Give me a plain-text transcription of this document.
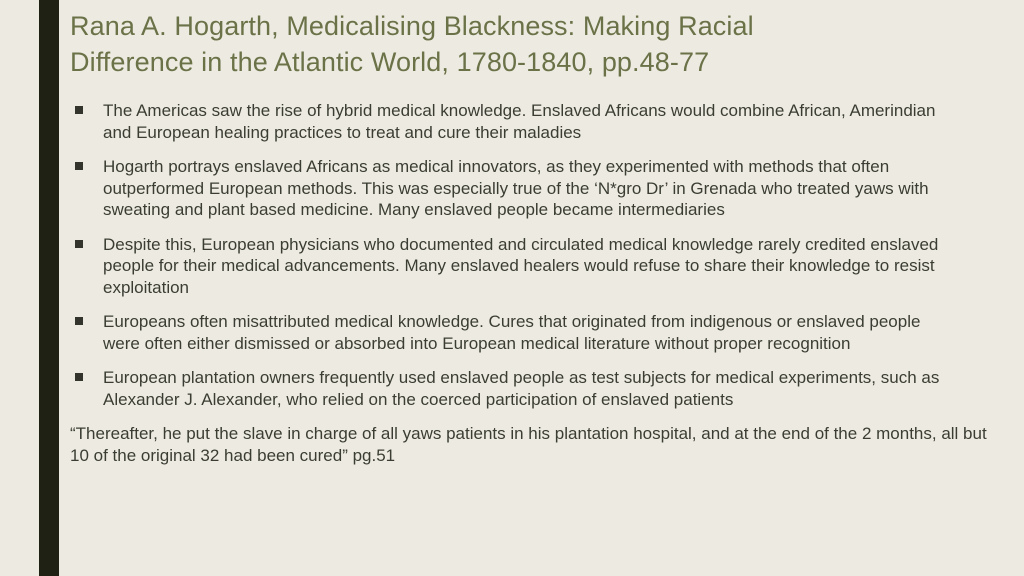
Rana A. Hogarth, Medicalising Blackness: Making Racial Difference in the Atlantic World, 1780-1840, pp.48-77
The Americas saw the rise of hybrid medical knowledge. Enslaved Africans would combine African, Amerindian and European healing practices to treat and cure their maladies
Hogarth portrays enslaved Africans as medical innovators, as they experimented with methods that often outperformed European methods. This was especially true of the ‘N*gro Dr’ in Grenada who treated yaws with sweating and plant based medicine. Many enslaved people became intermediaries
Despite this, European physicians who documented and circulated medical knowledge rarely credited enslaved people for their medical advancements. Many enslaved healers would refuse to share their knowledge to resist exploitation
Europeans often misattributed medical knowledge. Cures that originated from indigenous or enslaved people were often either dismissed or absorbed into European medical literature without proper recognition
European plantation owners frequently used enslaved people as test subjects for medical experiments, such as Alexander J. Alexander, who relied on the coerced participation of enslaved patients

“Thereafter, he put the slave in charge of all yaws patients in his plantation hospital, and at the end of the 2 months, all but 10 of the original 32 had been cured” pg.51
